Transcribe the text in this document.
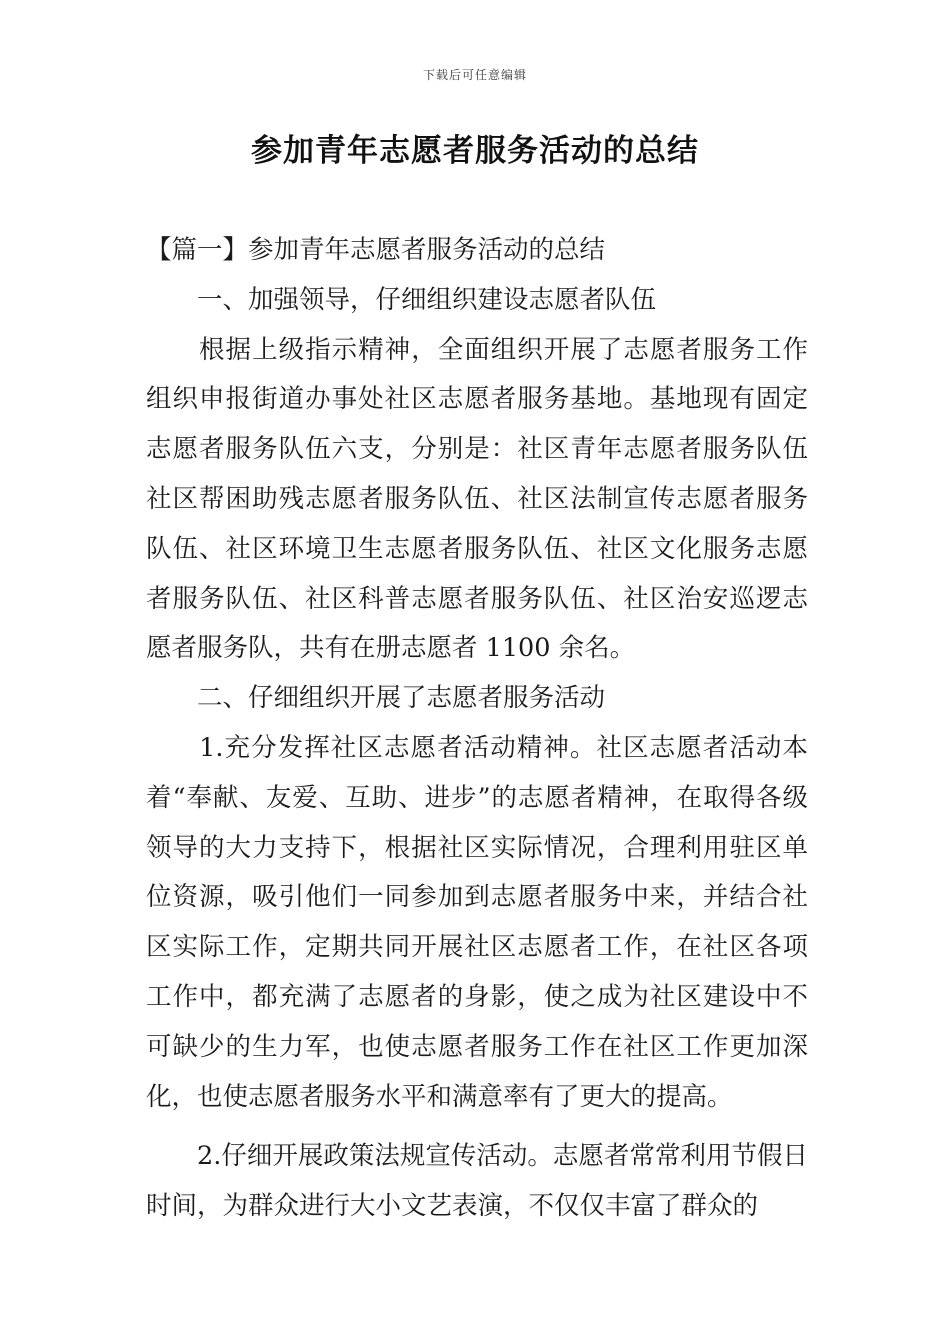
下载后可任意编辑
参加青年志愿者服务活动的总结

【篇一】参加青年志愿者服务活动的总结

　　一、加强领导，仔细组织建设志愿者队伍

　　根据上级指示精神，全面组织开展了志愿者服务工作组织申报街道办事处社区志愿者服务基地。基地现有固定志愿者服务队伍六支，分别是：社区青年志愿者服务队伍社区帮困助残志愿者服务队伍、社区法制宣传志愿者服务队伍、社区环境卫生志愿者服务队伍、社区文化服务志愿者服务队伍、社区科普志愿者服务队伍、社区治安巡逻志愿者服务队，共有在册志愿者 1100 余名。

　　二、仔细组织开展了志愿者服务活动

　　1.充分发挥社区志愿者活动精神。社区志愿者活动本着“奉献、友爱、互助、进步”的志愿者精神，在取得各级领导的大力支持下，根据社区实际情况，合理利用驻区单位资源，吸引他们一同参加到志愿者服务中来，并结合社区实际工作，定期共同开展社区志愿者工作，在社区各项工作中，都充满了志愿者的身影，使之成为社区建设中不可缺少的生力军，也使志愿者服务工作在社区工作更加深化，也使志愿者服务水平和满意率有了更大的提高。

　　2.仔细开展政策法规宣传活动。志愿者常常利用节假日时间，为群众进行大小文艺表演，不仅仅丰富了群众的
